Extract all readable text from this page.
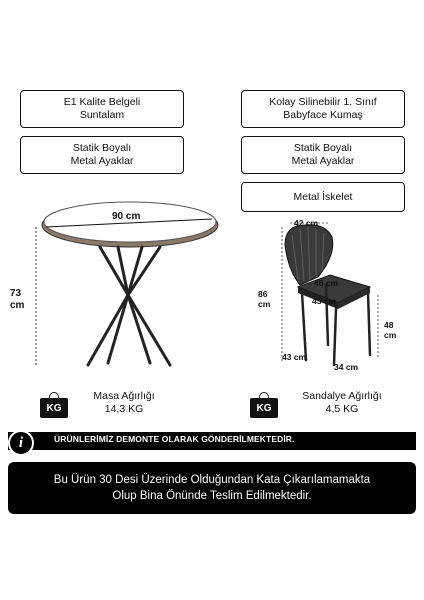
E1 Kalite Belgeli
Suntalam
Statik Boyalı
Metal Ayaklar
Kolay Silinebilir 1. Sınıf
Babyface Kumaş
Statik Boyalı
Metal Ayaklar
Metal İskelet
90 cm
73
cm
42 cm
46 cm
45 cm
86
cm
48
cm
43 cm
34 cm
KG
Masa Ağırlığı
14,3 KG	KG
Sandalye Ağırlığı
4,5 KG
i	ÜRÜNLERİMİZ DEMONTE OLARAK GÖNDERİLMEKTEDİR.
Bu Ürün 30 Desi Üzerinde Olduğundan Kata Çıkarılamamakta
Olup Bina Önünde Teslim Edilmektedir.
